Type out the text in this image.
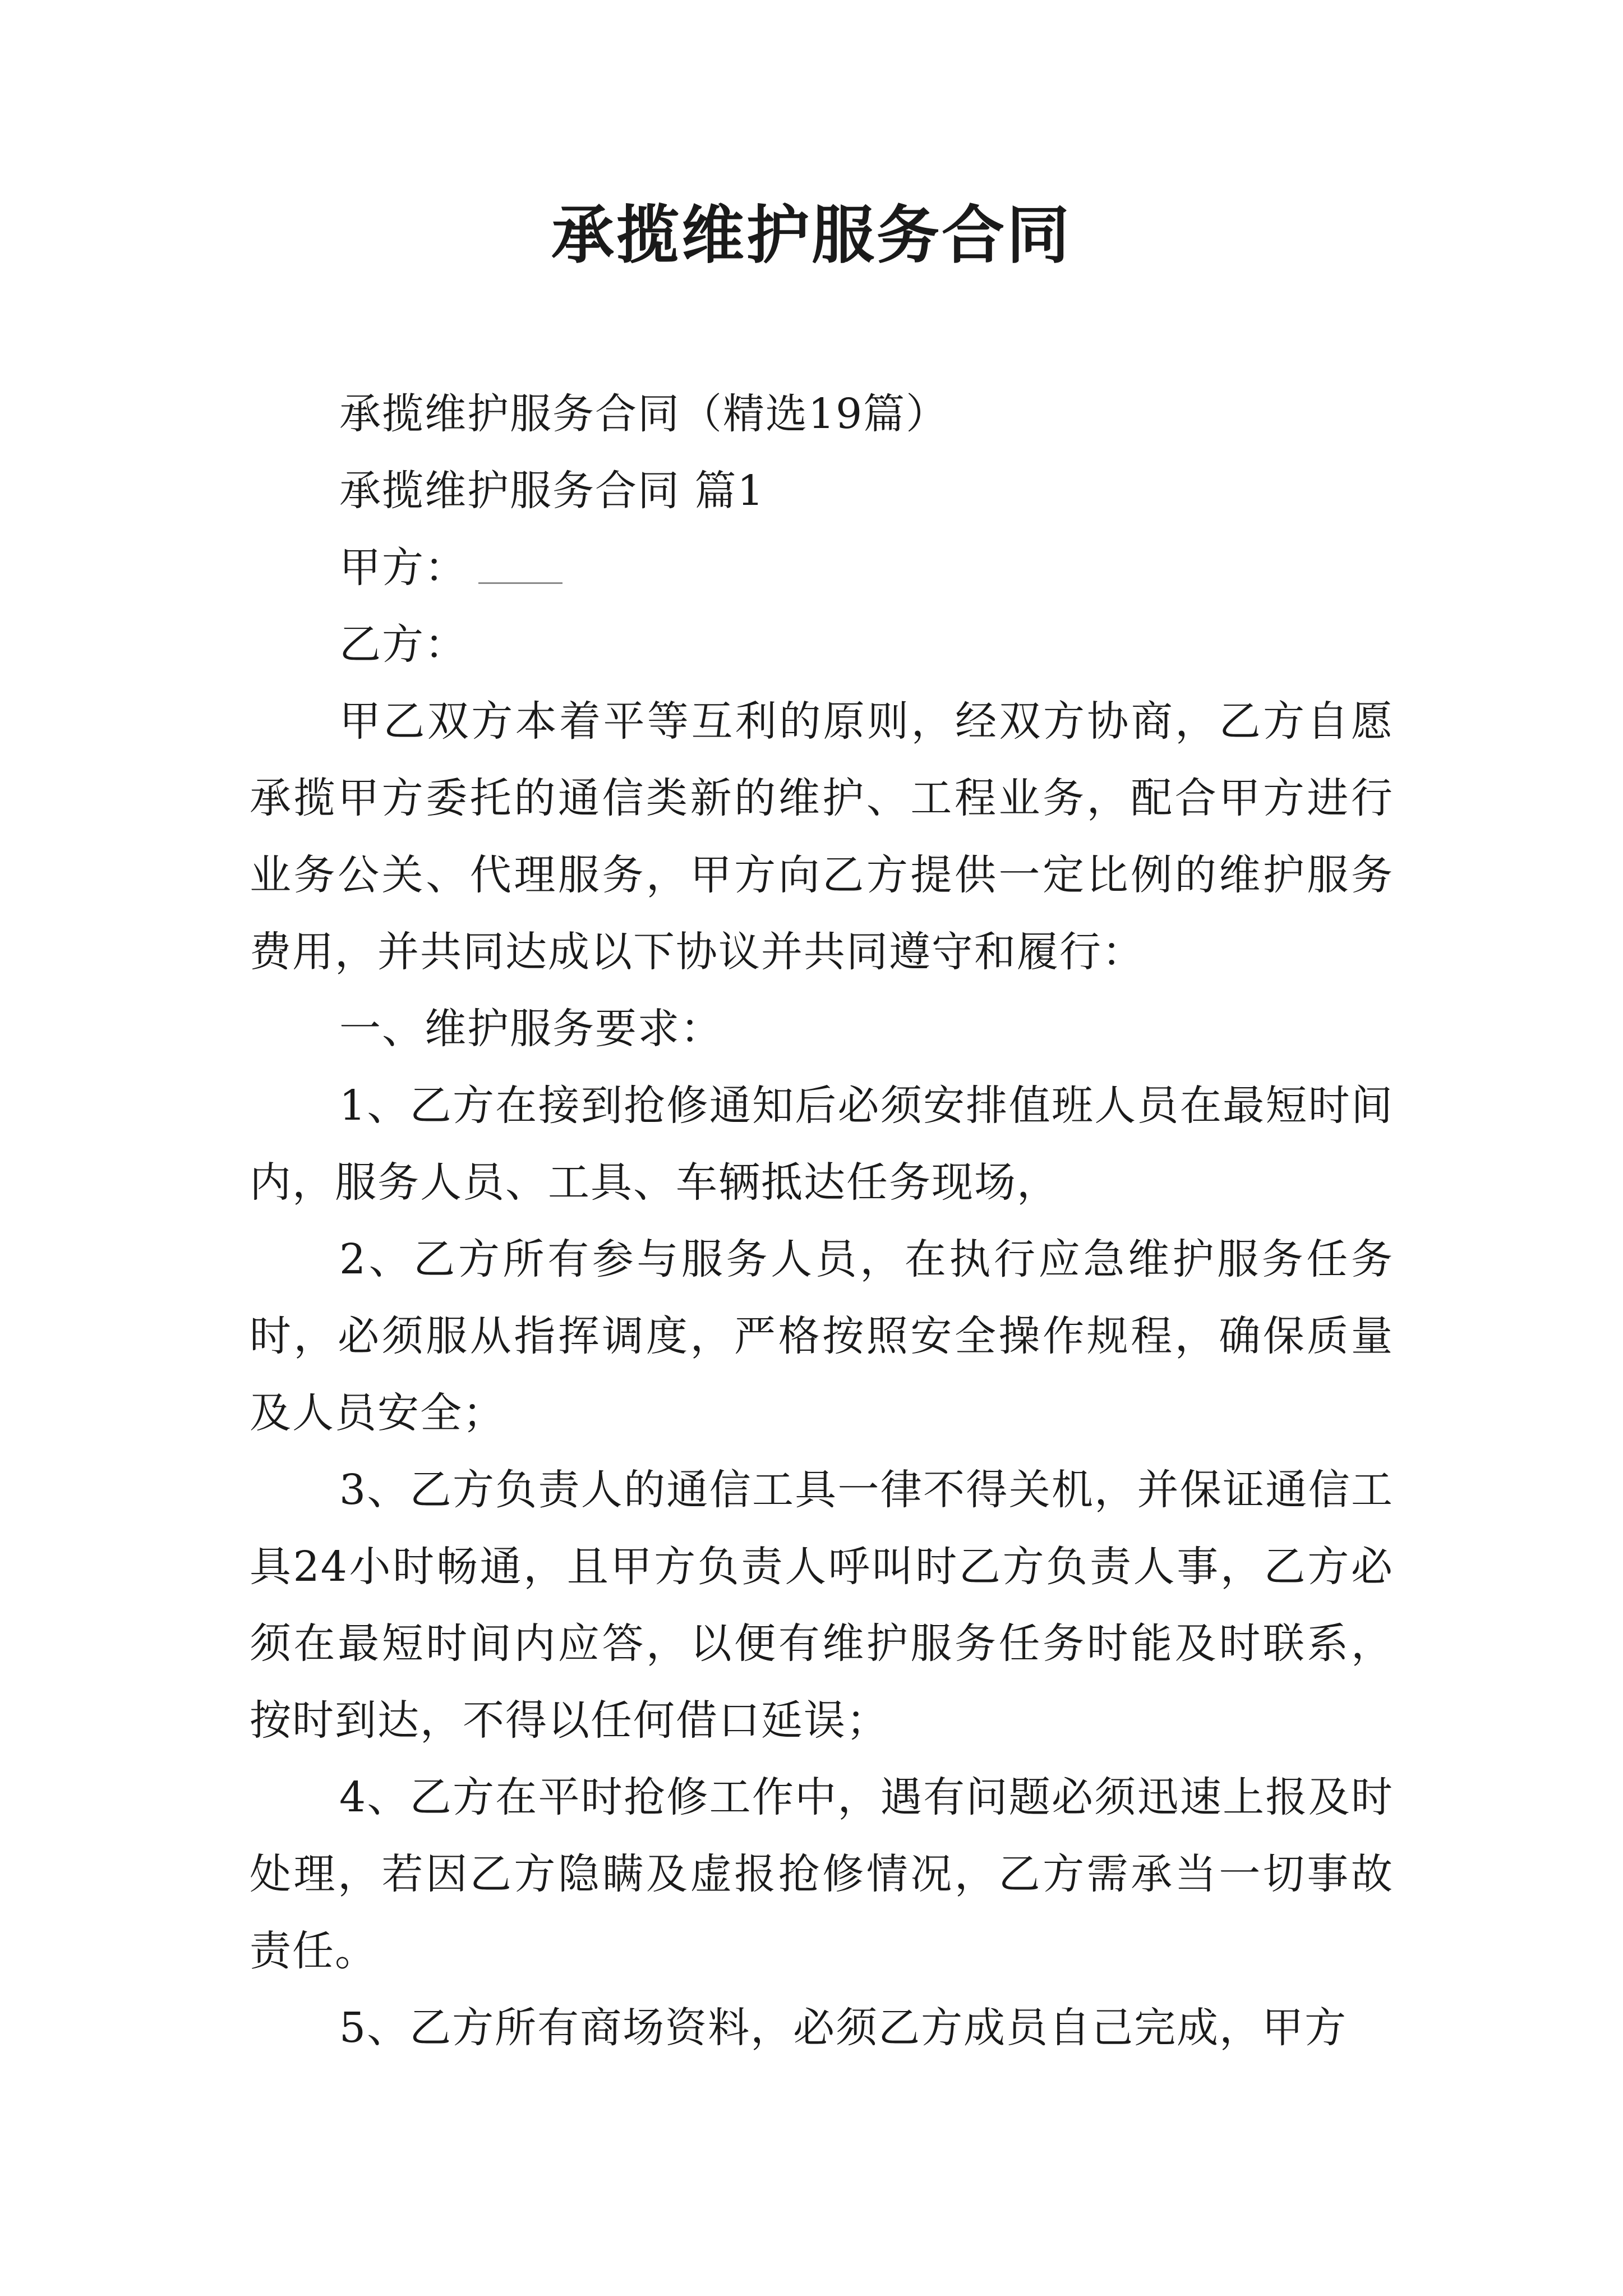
承揽维护服务合同

承揽维护服务合同（精选19篇）

承揽维护服务合同 篇1

甲方：

乙方：

甲乙双方本着平等互利的原则，经双方协商，乙方自愿承揽甲方委托的通信类新的维护、工程业务，配合甲方进行业务公关、代理服务，甲方向乙方提供一定比例的维护服务费用，并共同达成以下协议并共同遵守和履行：

一、维护服务要求：

1、乙方在接到抢修通知后必须安排值班人员在最短时间内，服务人员、工具、车辆抵达任务现场，

2、乙方所有参与服务人员，在执行应急维护服务任务时，必须服从指挥调度，严格按照安全操作规程，确保质量及人员安全；

3、乙方负责人的通信工具一律不得关机，并保证通信工具24小时畅通，且甲方负责人呼叫时乙方负责人事，乙方必须在最短时间内应答，以便有维护服务任务时能及时联系，按时到达，不得以任何借口延误；

4、乙方在平时抢修工作中，遇有问题必须迅速上报及时处理，若因乙方隐瞒及虚报抢修情况，乙方需承当一切事故责任。

5、乙方所有商场资料，必须乙方成员自己完成，甲方
